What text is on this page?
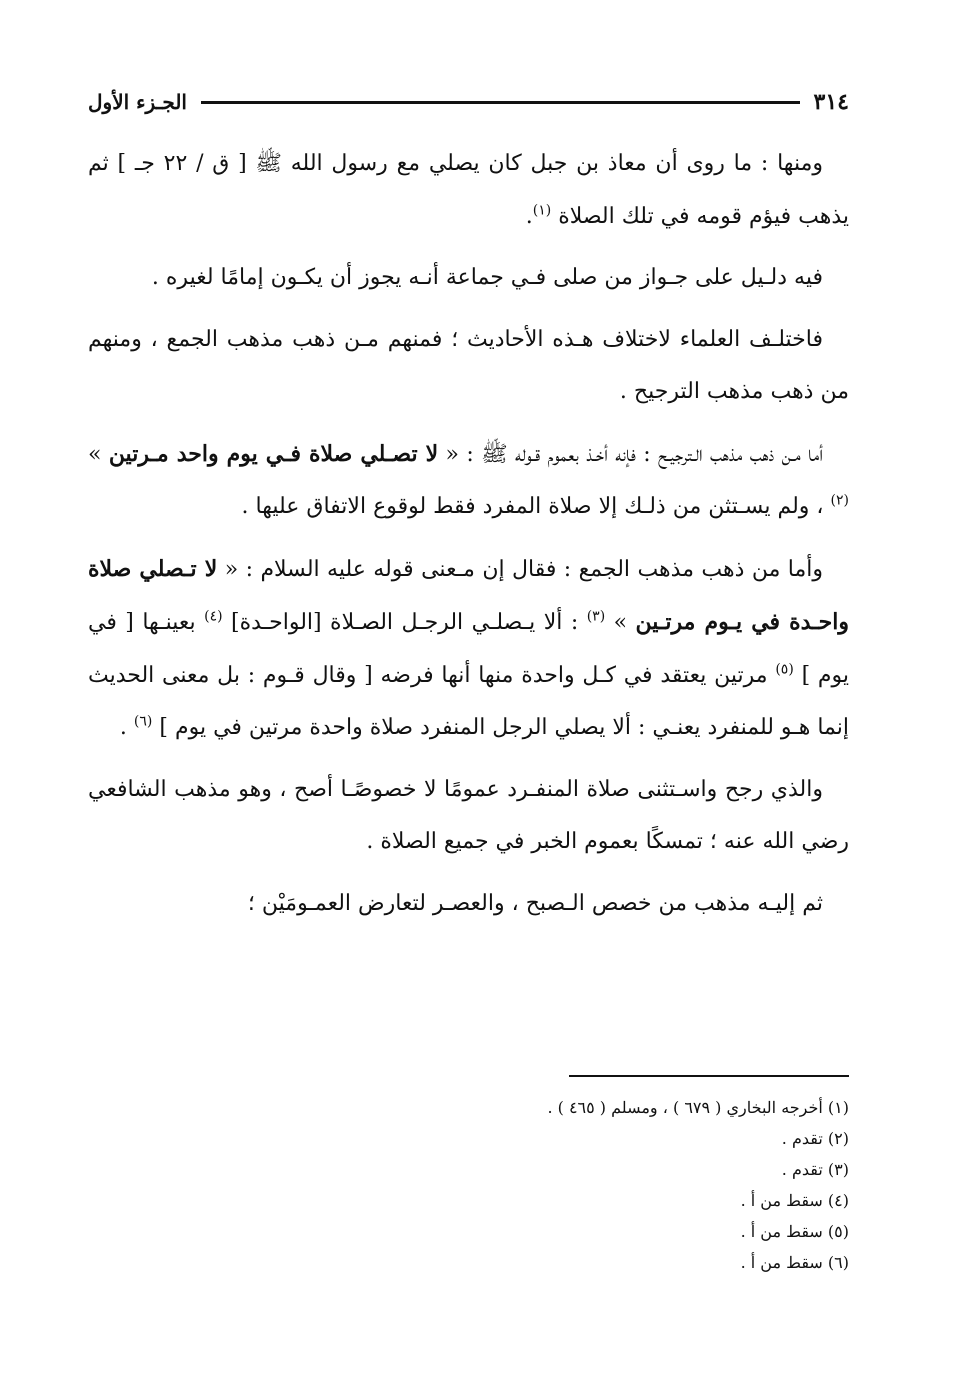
الجـزء الأول	٣١٤

ومنها : ما روى أن معاذ بن جبل كان يصلي مع رسول الله ﷺ [ ق / ٢٢ جـ ] ثم يذهب فيؤم قومه في تلك الصلاة $^{(١)}$.

فيه دلـيل على جـواز من صلى فـي جماعة أنـه يجوز أن يكـون إمامًا لغيره .

فاختلـف العلماء لاختلاف هـذه الأحاديث ؛ فمنهم مـن ذهب مذهب الجمع ، ومنهم من ذهب مذهب الترجيح .

أما مـن ذهب مذهب الـترجيـح : فإنه أخـذ بعموم قـوله ﷺ : « لا تصـلي صلاة فـي يوم واحد مـرتين » $^{(٢)}$ ، ولم يسـتثن من ذلـك إلا صلاة المفرد فقط لوقوع الاتفاق عليها .

وأما من ذهب مذهب الجمع : فقال إن مـعنى قوله عليه السلام : « لا تـصلي صلاة واحـدة في يـوم مرتـين » $^{(٣)}$ : ألا يـصلـي الرجـل الصـلاة [الواحـدة] $^{(٤)}$ بعينـها [ في يوم ] $^{(٥)}$ مرتين يعتقد في كـل واحدة منها أنها فرضه [ وقال قـوم : بل معنى الحديث إنما هـو للمنفرد يعنـي : ألا يصلي الرجل المنفرد صلاة واحدة مرتين في يوم ] $^{(٦)}$ .

والذي رجح واسـتثنى صلاة المنفـرد عمومًا لا خصوصًـا أصح ، وهو مذهب الشافعي رضي الله عنه ؛ تمسكًا بعموم الخبر في جميع الصلاة .

ثم إليـه مذهب من خصص الـصبح ، والعصـر لتعارض العمـومَيْن ؛

(١) أخرجه البخاري ( ٦٧٩ ) ، ومسلم ( ٤٦٥ ) .

(٢) تقدم .

(٣) تقدم .

(٤) سقط من أ .

(٥) سقط من أ .

(٦) سقط من أ .
